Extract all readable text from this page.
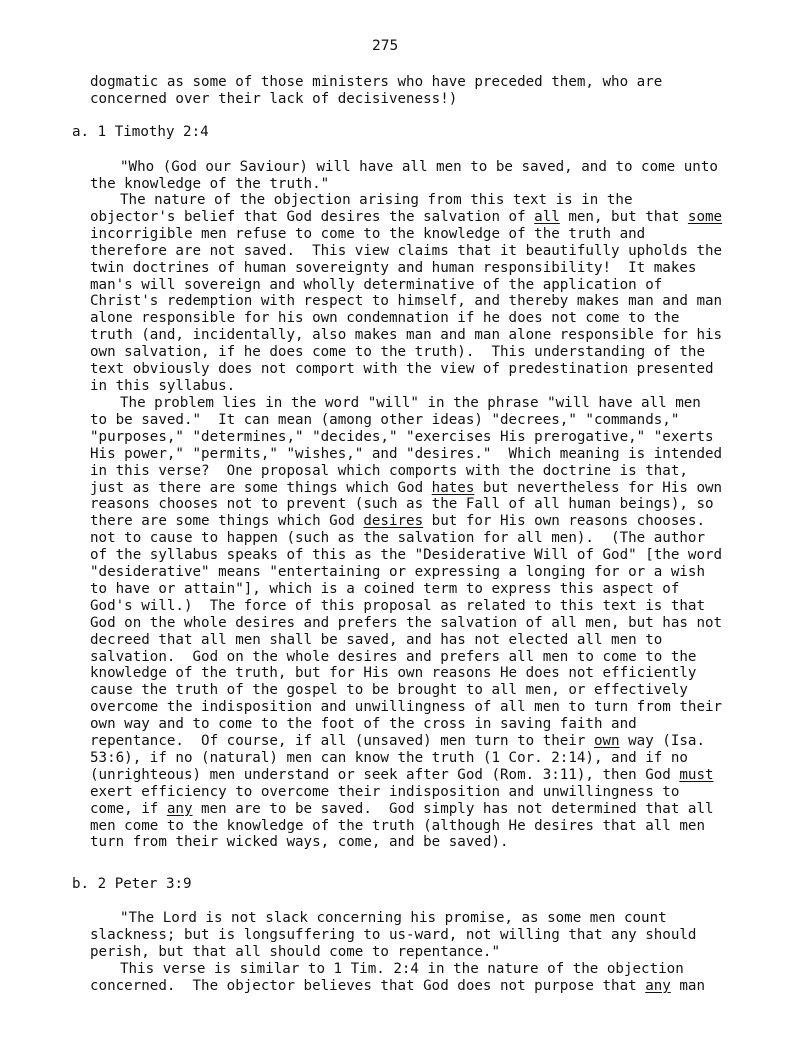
275
dogmatic as some of those ministers who have preceded them, who are
concerned over their lack of decisiveness!)
a. 1 Timothy 2:4
"Who (God our Saviour) will have all men to be saved, and to come unto
the knowledge of the truth."
The nature of the objection arising from this text is in the
objector's belief that God desires the salvation of all men, but that some
incorrigible men refuse to come to the knowledge of the truth and
therefore are not saved.  This view claims that it beautifully upholds the
twin doctrines of human sovereignty and human responsibility!  It makes
man's will sovereign and wholly determinative of the application of
Christ's redemption with respect to himself, and thereby makes man and man
alone responsible for his own condemnation if he does not come to the
truth (and, incidentally, also makes man and man alone responsible for his
own salvation, if he does come to the truth).  This understanding of the
text obviously does not comport with the view of predestination presented
in this syllabus.
The problem lies in the word "will" in the phrase "will have all men
to be saved."  It can mean (among other ideas) "decrees," "commands,"
"purposes," "determines," "decides," "exercises His prerogative," "exerts
His power," "permits," "wishes," and "desires."  Which meaning is intended
in this verse?  One proposal which comports with the doctrine is that,
just as there are some things which God hates but nevertheless for His own
reasons chooses not to prevent (such as the Fall of all human beings), so
there are some things which God desires but for His own reasons chooses.
not to cause to happen (such as the salvation for all men).  (The author
of the syllabus speaks of this as the "Desiderative Will of God" [the word
"desiderative" means "entertaining or expressing a longing for or a wish
to have or attain"], which is a coined term to express this aspect of
God's will.)  The force of this proposal as related to this text is that
God on the whole desires and prefers the salvation of all men, but has not
decreed that all men shall be saved, and has not elected all men to
salvation.  God on the whole desires and prefers all men to come to the
knowledge of the truth, but for His own reasons He does not efficiently
cause the truth of the gospel to be brought to all men, or effectively
overcome the indisposition and unwillingness of all men to turn from their
own way and to come to the foot of the cross in saving faith and
repentance.  Of course, if all (unsaved) men turn to their own way (Isa.
53:6), if no (natural) men can know the truth (1 Cor. 2:14), and if no
(unrighteous) men understand or seek after God (Rom. 3:11), then God must
exert efficiency to overcome their indisposition and unwillingness to
come, if any men are to be saved.  God simply has not determined that all
men come to the knowledge of the truth (although He desires that all men
turn from their wicked ways, come, and be saved).
b. 2 Peter 3:9
"The Lord is not slack concerning his promise, as some men count
slackness; but is longsuffering to us-ward, not willing that any should
perish, but that all should come to repentance."
This verse is similar to 1 Tim. 2:4 in the nature of the objection
concerned.  The objector believes that God does not purpose that any man
